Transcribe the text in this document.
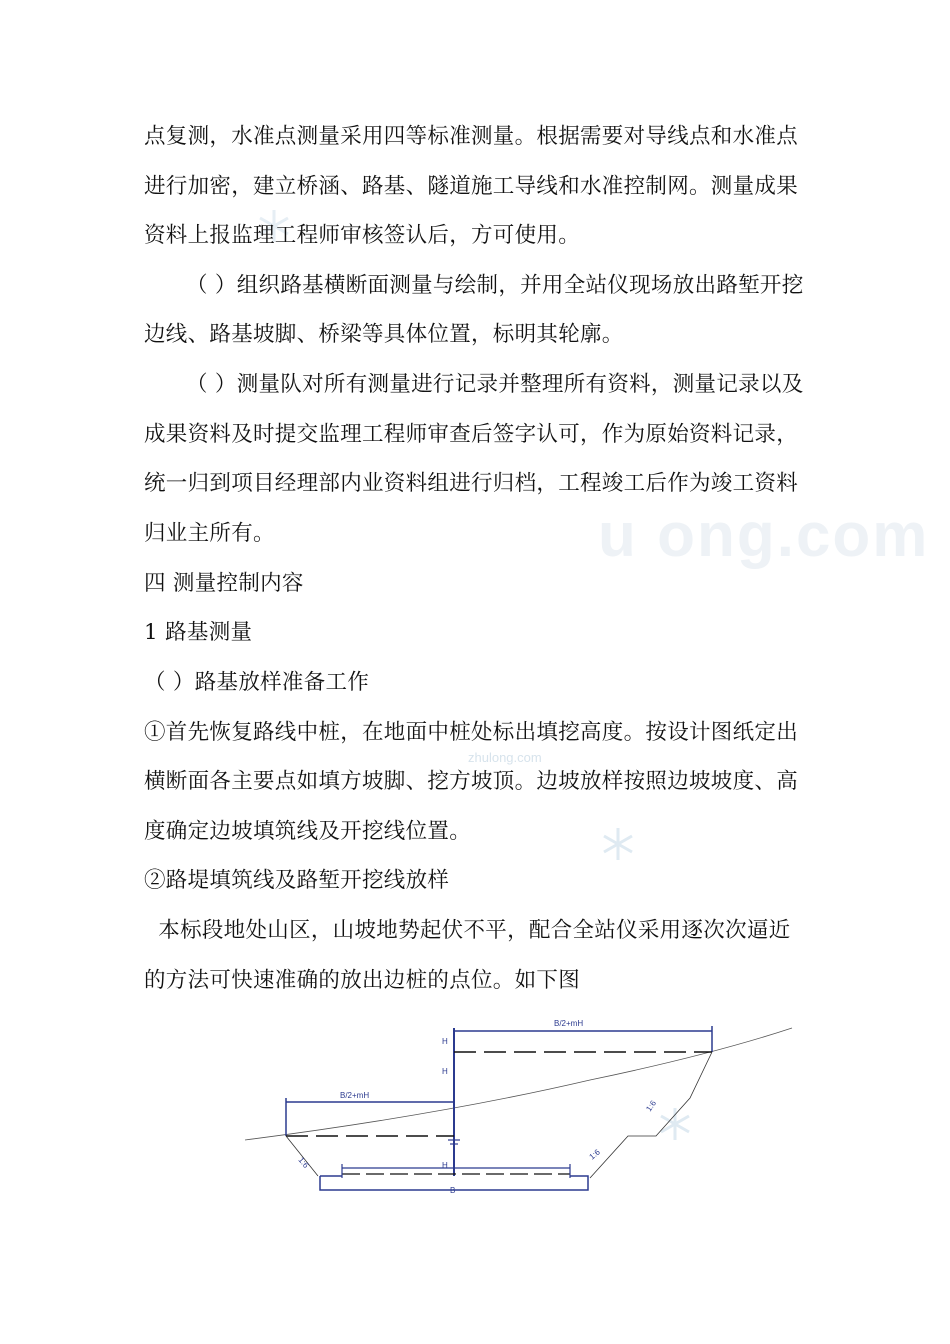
u ong.com
zhulong.com
点复测，水准点测量采用四等标准测量。根据需要对导线点和水准点
进行加密，建立桥涵、路基、隧道施工导线和水准控制网。测量成果
资料上报监理工程师审核签认后，方可使用。
（ ）组织路基横断面测量与绘制，并用全站仪现场放出路堑开挖
边线、路基坡脚、桥梁等具体位置，标明其轮廓。
（ ）测量队对所有测量进行记录并整理所有资料，测量记录以及
成果资料及时提交监理工程师审查后签字认可，作为原始资料记录，
统一归到项目经理部内业资料组进行归档，工程竣工后作为竣工资料
归业主所有。
四 测量控制内容
1 路基测量
（ ）路基放样准备工作
①首先恢复路线中桩，在地面中桩处标出填挖高度。按设计图纸定出
横断面各主要点如填方坡脚、挖方坡顶。边坡放样按照边坡坡度、高
度确定边坡填筑线及开挖线位置。
②路堤填筑线及路堑开挖线放样
本标段地处山区，山坡地势起伏不平，配合全站仪采用逐次次逼近
的方法可快速准确的放出边桩的点位。如下图
B/2+mH
1:6
1:6
B/2+mH
1:6
B
H
H
H
